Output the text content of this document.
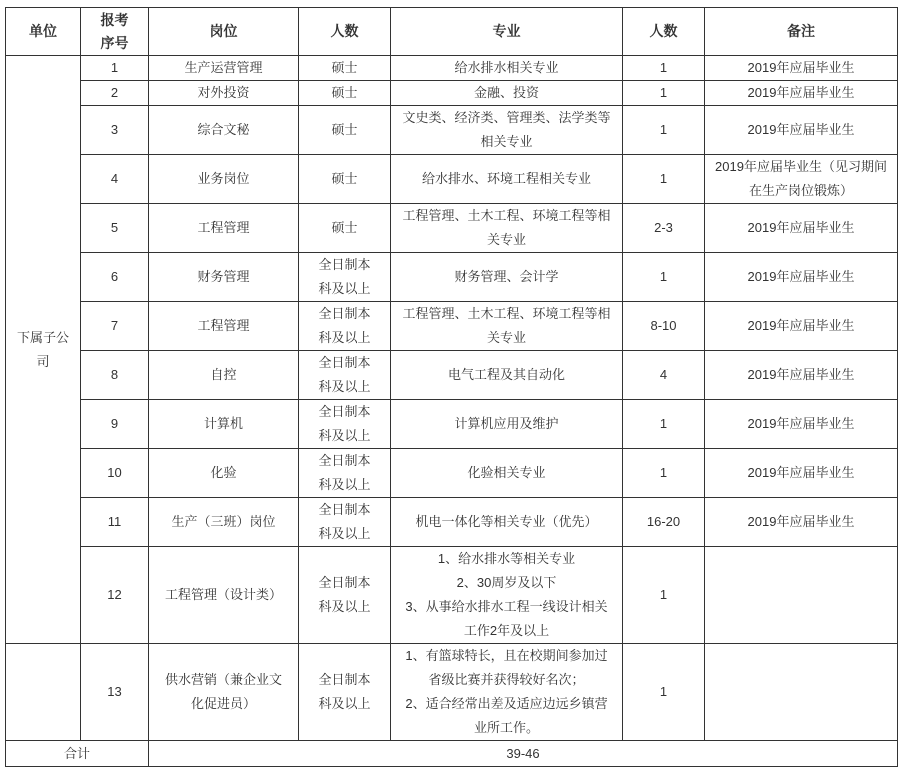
单位	报考序号	岗位	人数	专业	人数	备注
下属子公司	1	生产运营管理	硕士	给水排水相关专业	1	2019年应届毕业生
	2	对外投资	硕士	金融、投资	1	2019年应届毕业生
	3	综合文秘	硕士	文史类、经济类、管理类、法学类等相关专业	1	2019年应届毕业生
	4	业务岗位	硕士	给水排水、环境工程相关专业	1	2019年应届毕业生（见习期间在生产岗位锻炼）
	5	工程管理	硕士	工程管理、土木工程、环境工程等相关专业	2-3	2019年应届毕业生
	6	财务管理	全日制本科及以上	财务管理、会计学	1	2019年应届毕业生
	7	工程管理	全日制本科及以上	工程管理、土木工程、环境工程等相关专业	8-10	2019年应届毕业生
	8	自控	全日制本科及以上	电气工程及其自动化	4	2019年应届毕业生
	9	计算机	全日制本科及以上	计算机应用及维护	1	2019年应届毕业生
	10	化验	全日制本科及以上	化验相关专业	1	2019年应届毕业生
	11	生产（三班）岗位	全日制本科及以上	机电一体化等相关专业（优先）	16-20	2019年应届毕业生
	12	工程管理（设计类）	全日制本科及以上	1、给水排水等相关专业
2、30周岁及以下
3、从事给水排水工程一线设计相关工作2年及以上	1	
	13	供水营销（兼企业文化促进员）	全日制本科及以上	1、有篮球特长，且在校期间参加过省级比赛并获得较好名次；
2、适合经常出差及适应边远乡镇营业所工作。	1	
合计		39-46				
